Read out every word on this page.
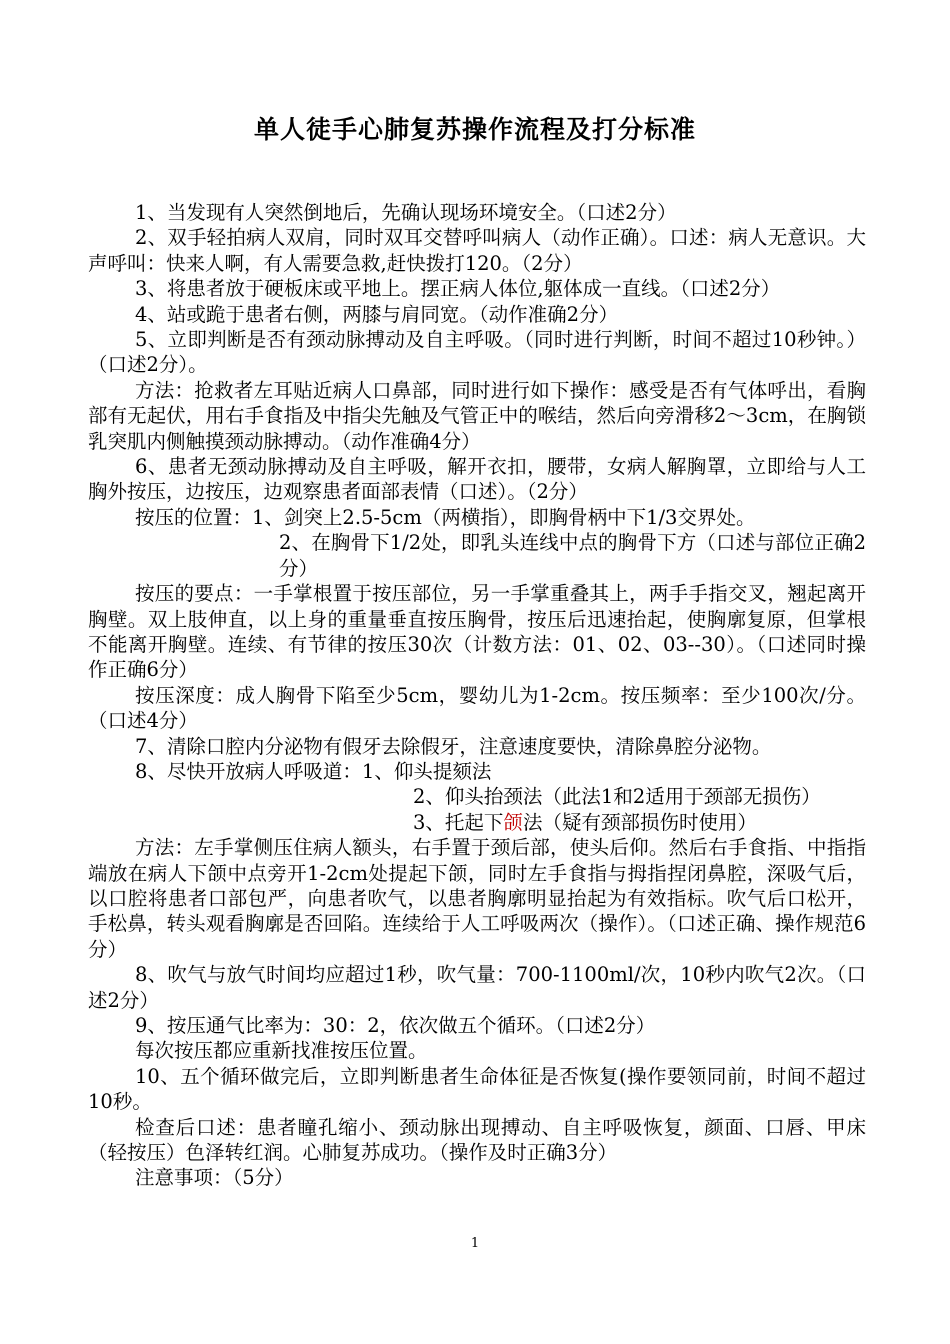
单人徒手心肺复苏操作流程及打分标准

1、当发现有人突然倒地后，先确认现场环境安全。（口述2分）

2、双手轻拍病人双肩，同时双耳交替呼叫病人（动作正确）。口述：病人无意识。大声呼叫：快来人啊，有人需要急救,赶快拨打120。（2分）

3、将患者放于硬板床或平地上。摆正病人体位,躯体成一直线。（口述2分）

4、站或跪于患者右侧，两膝与肩同宽。（动作准确2分）

5、立即判断是否有颈动脉搏动及自主呼吸。（同时进行判断，时间不超过10秒钟。）（口述2分）。

方法：抢救者左耳贴近病人口鼻部，同时进行如下操作：感受是否有气体呼出，看胸部有无起伏，用右手食指及中指尖先触及气管正中的喉结，然后向旁滑移2～3cm，在胸锁乳突肌内侧触摸颈动脉搏动。（动作准确4分）

6、患者无颈动脉搏动及自主呼吸，解开衣扣，腰带，女病人解胸罩，立即给与人工胸外按压，边按压，边观察患者面部表情（口述）。（2分）

按压的位置：1、剑突上2.5-5cm（两横指），即胸骨柄中下1/3交界处。

2、在胸骨下1/2处，即乳头连线中点的胸骨下方（口述与部位正确2分）

按压的要点：一手掌根置于按压部位，另一手掌重叠其上，两手手指交叉，翘起离开胸壁。双上肢伸直，以上身的重量垂直按压胸骨，按压后迅速抬起，使胸廓复原，但掌根不能离开胸壁。连续、有节律的按压30次（计数方法：01、02、03--30）。（口述同时操作正确6分）

按压深度：成人胸骨下陷至少5cm，婴幼儿为1-2cm。按压频率：至少100次/分。（口述4分）

7、清除口腔内分泌物有假牙去除假牙，注意速度要快，清除鼻腔分泌物。

8、尽快开放病人呼吸道：1、仰头提颏法

2、仰头抬颈法（此法1和2适用于颈部无损伤）

3、托起下颌法（疑有颈部损伤时使用）

方法：左手掌侧压住病人额头，右手置于颈后部，使头后仰。然后右手食指、中指指端放在病人下颌中点旁开1-2cm处提起下颌，同时左手食指与拇指捏闭鼻腔，深吸气后，以口腔将患者口部包严，向患者吹气，以患者胸廓明显抬起为有效指标。吹气后口松开，手松鼻，转头观看胸廓是否回陷。连续给于人工呼吸两次（操作）。（口述正确、操作规范6分）

8、吹气与放气时间均应超过1秒，吹气量：700-1100ml/次，10秒内吹气2次。（口述2分）

9、按压通气比率为：30：2，依次做五个循环。（口述2分）

每次按压都应重新找准按压位置。

10、五个循环做完后，立即判断患者生命体征是否恢复(操作要领同前，时间不超过10秒。

检查后口述：患者瞳孔缩小、颈动脉出现搏动、自主呼吸恢复，颜面、口唇、甲床（轻按压）色泽转红润。心肺复苏成功。（操作及时正确3分）

注意事项：（5分）

1
